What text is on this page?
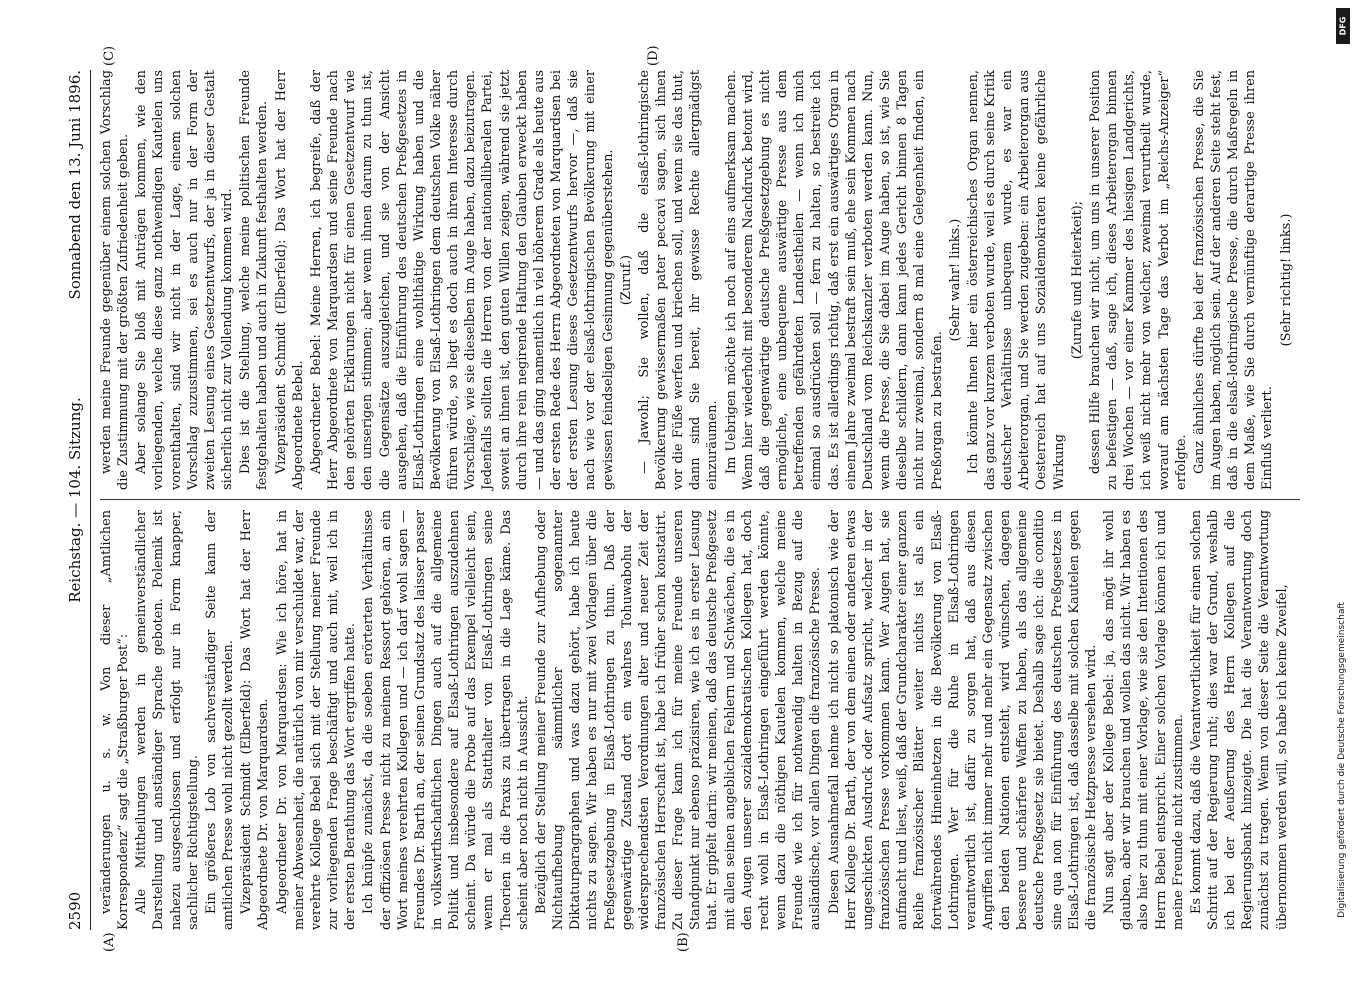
2590
Reichstag. — 104. Sitzung.
Sonnabend den 13. Juni 1896.
(A)	(B)
(C)	(D)

veränderungen u. s. w. Von dieser „Amtlichen Korrespondenz“ sagt die „Straßburger Post“: Alle Mittheilungen werden in gemeinverständlicher Darstellung und anständiger Sprache geboten. Polemik ist nahezu ausgeschlossen und erfolgt nur in Form knapper, sachlicher Richtigstellung. Ein größeres Lob von sachverständiger Seite kann der amtlichen Presse wohl nicht gezollt werden. Vizepräsident Schmidt (Elberfeld): Das Wort hat der Herr Abgeordnete Dr. von Marquardsen. Abgeordneter Dr. von Marquardsen: Wie ich höre, hat in meiner Abwesenheit, die natürlich von mir verschuldet war, der verehrte Kollege Bebel sich mit der Stellung meiner Freunde zur vorliegenden Frage beschäftigt und auch mit, weil ich in der ersten Berathung das Wort ergriffen hatte. Ich knüpfe zunächst, da die soeben erörterten Verhältnisse der offiziösen Presse nicht zu meinem Ressort gehören, an ein Wort meines verehrten Kollegen und — ich darf wohl sagen — Freundes Dr. Barth an, der seinen Grundsatz des laisser passer in volkswirthschaftlichen Dingen auch auf die allgemeine Politik und insbesondere auf Elsaß-Lothringen auszudehnen scheint. Da würde die Probe auf das Exempel vielleicht sein, wenn er mal als Statthalter von Elsaß-Lothringen seine Theorien in die Praxis zu übertragen in die Lage käme. Das scheint aber noch nicht in Aussicht. Bezüglich der Stellung meiner Freunde zur Aufhebung oder Nichtaufhebung sämmtlicher sogenannter Diktaturparagraphen und was dazu gehört, habe ich heute nichts zu sagen. Wir haben es nur mit zwei Vorlagen über die Preßgesetzgebung in Elsaß-Lothringen zu thun. Daß der gegenwärtige Zustand dort ein wahres Tohuwabohu der widersprechendsten Verordnungen alter und neuer Zeit der französischen Herrschaft ist, habe ich früher schon konstatirt. Zu dieser Frage kann ich für meine Freunde unseren Standpunkt nur ebenso präzisiren, wie ich es in erster Lesung that. Er gipfelt darin: wir meinen, daß das deutsche Preßgesetz mit allen seinen angeblichen Fehlern und Schwächen, die es in den Augen unserer sozialdemokratischen Kollegen hat, doch recht wohl in Elsaß-Lothringen eingeführt werden könnte, wenn dazu die nöthigen Kautelen kommen, welche meine Freunde wie ich für nothwendig halten in Bezug auf die ausländische, vor allen Dingen die französische Presse. Diesen Ausnahmefall nehme ich nicht so platonisch wie der Herr Kollege Dr. Barth, der von dem einen oder anderen etwas ungeschickten Ausdruck oder Aufsatz spricht, welcher in der französischen Presse vorkommen kann. Wer Augen hat, sie aufmacht und liest, weiß, daß der Grundcharakter einer ganzen Reihe französischer Blätter weiter nichts ist als ein fortwährendes Hineinhetzen in die Bevölkerung von Elsaß-Lothringen. Wer für die Ruhe in Elsaß-Lothringen verantwortlich ist, dafür zu sorgen hat, daß aus diesen Angriffen nicht immer mehr und mehr ein Gegensatz zwischen den beiden Nationen entsteht, wird wünschen, dagegen bessere und schärfere Waffen zu haben, als das allgemeine deutsche Preßgesetz sie bietet. Deshalb sage ich: die conditio sine qua non für Einführung des deutschen Preßgesetzes in Elsaß-Lothringen ist, daß dasselbe mit solchen Kautelen gegen die französische Hetzpresse versehen wird. Nun sagt aber der Kollege Bebel: ja, das mögt ihr wohl glauben, aber wir brauchen und wollen das nicht. Wir haben es also hier zu thun mit einer Vorlage, wie sie den Intentionen des Herrn Bebel entspricht. Einer solchen Vorlage können ich und meine Freunde nicht zustimmen. Es kommt dazu, daß die Verantwortlichkeit für einen solchen Schritt auf der Regierung ruht; dies war der Grund, weshalb ich bei der Aeußerung des Herrn Kollegen auf die Regierungsbank hinzeigte. Die hat die Verantwortung doch zunächst zu tragen. Wenn von dieser Seite die Verantwortung übernommen werden will, so habe ich keine Zweifel,

werden meine Freunde gegenüber einem solchen Vorschlag die Zustimmung mit der größten Zufriedenheit geben. Aber solange Sie bloß mit Anträgen kommen, wie den vorliegenden, welche diese ganz nothwendigen Kautelen uns vorenthalten, sind wir nicht in der Lage, einem solchen Vorschlag zuzustimmen, sei es auch nur in der Form der zweiten Lesung eines Gesetzentwurfs, der ja in dieser Gestalt sicherlich nicht zur Vollendung kommen wird. Dies ist die Stellung, welche meine politischen Freunde festgehalten haben und auch in Zukunft festhalten werden. Vizepräsident Schmidt (Elberfeld): Das Wort hat der Herr Abgeordnete Bebel. Abgeordneter Bebel: Meine Herren, ich begreife, daß der Herr Abgeordnete von Marquardsen und seine Freunde nach den gehörten Erklärungen nicht für einen Gesetzentwurf wie den unserigen stimmen; aber wenn ihnen darum zu thun ist, die Gegensätze auszugleichen, und sie von der Ansicht ausgehen, daß die Einführung des deutschen Preßgesetzes in Elsaß-Lothringen eine wohlthätige Wirkung haben und die Bevölkerung von Elsaß-Lothringen dem deutschen Volke näher führen würde, so liegt es doch auch in ihrem Interesse durch Vorschläge, wie sie dieselben im Auge haben, dazu beizutragen. Jedenfalls sollten die Herren von der nationalliberalen Partei, soweit an ihnen ist, den guten Willen zeigen, während sie jetzt durch ihre rein negirende Haltung den Glauben erweckt haben — und das ging namentlich in viel höherem Grade als heute aus der ersten Rede des Herrn Abgeordneten von Marquardsen bei der ersten Lesung dieses Gesetzentwurfs hervor —, daß sie nach wie vor der elsaß-lothringischen Bevölkerung mit einer gewissen feindseligen Gesinnung gegenüberstehen. (Zuruf.) — Jawohl; Sie wollen, daß die elsaß-lothringische Bevölkerung gewissermaßen pater peccavi sagen, sich ihnen vor die Füße werfen und kriechen soll, und wenn sie das thut, dann sind Sie bereit, ihr gewisse Rechte allergnädigst einzuräumen. Im Uebrigen möchte ich noch auf eins aufmerksam machen. Wenn hier wiederholt mit besonderem Nachdruck betont wird, daß die gegenwärtige deutsche Preßgesetzgebung es nicht ermögliche, eine unbequeme auswärtige Presse aus dem betreffenden gefährdeten Landestheilen — wenn ich mich einmal so ausdrücken soll — fern zu halten, so bestreite ich das. Es ist allerdings richtig, daß erst ein auswärtiges Organ in einem Jahre zweimal bestraft sein muß, ehe sein Kommen nach Deutschland vom Reichskanzler verboten werden kann. Nun, wenn die Presse, die Sie dabei im Auge haben, so ist, wie Sie dieselbe schildern, dann kann jedes Gericht binnen 8 Tagen nicht nur zweimal, sondern 8 mal eine Gelegenheit finden, ein Preßorgan zu bestrafen.

(Sehr wahr! links.) Ich könnte Ihnen hier ein österreichisches Organ nennen, das ganz vor kurzem verboten wurde, weil es durch seine Kritik deutscher Verhältnisse unbequem wurde, es war ein Arbeiterorgan, und Sie werden zugeben: ein Arbeiterorgan aus Oesterreich hat auf uns Sozialdemokraten keine gefährliche Wirkung

(Zurufe und Heiterkeit); dessen Hilfe brauchen wir nicht, um uns in unserer Position zu befestigen — daß, sage ich, dieses Arbeiterorgan binnen drei Wochen — vor einer Kammer des hiesigen Landgerichts, ich weiß nicht mehr von welcher, zweimal verurtheilt wurde, worauf am nächsten Tage das Verbot im „Reichs-Anzeiger“ erfolgte. Ganz ähnliches dürfte bei der französischen Presse, die Sie im Augen haben, möglich sein. Auf der anderen Seite steht fest, daß in die elsaß-lothringische Presse, die durch Maßregeln in dem Maße, wie Sie durch vernünftige derartige Presse ihren Einfluß verliert.

(Sehr richtig! links.)

Digitalisierung gefördert durch die Deutsche Forschungsgemeinschaft
DFG
